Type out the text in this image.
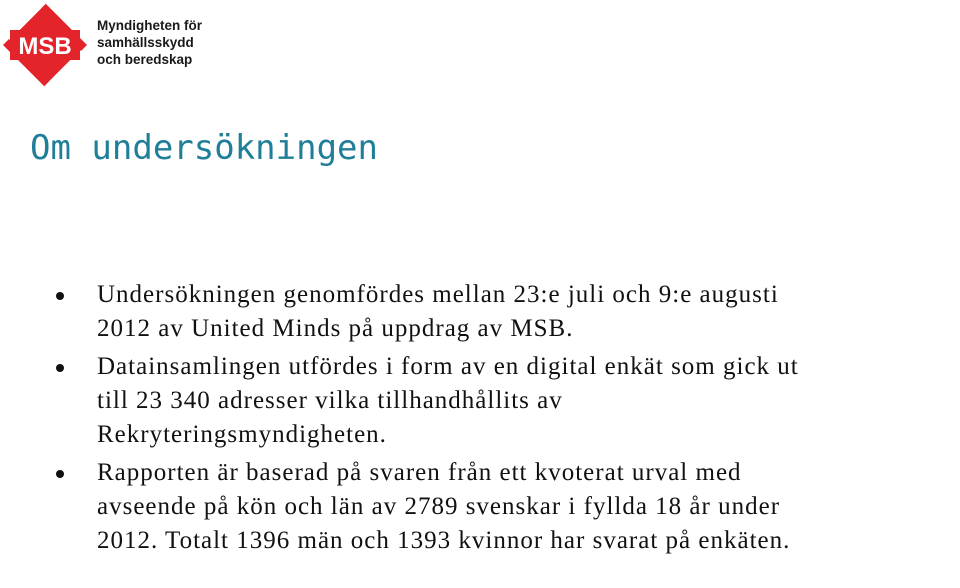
MSB
Myndigheten för
samhällsskydd
och beredskap
Om undersökningen
Undersökningen genomfördes mellan 23:e juli och 9:e augusti
2012 av United Minds på uppdrag av MSB.
Datainsamlingen utfördes i form av en digital enkät som gick ut
till 23 340 adresser vilka tillhandhållits av
Rekryteringsmyndigheten.
Rapporten är baserad på svaren från ett kvoterat urval med
avseende på kön och län av 2789 svenskar i fyllda 18 år under
2012. Totalt 1396 män och 1393 kvinnor har svarat på enkäten.
